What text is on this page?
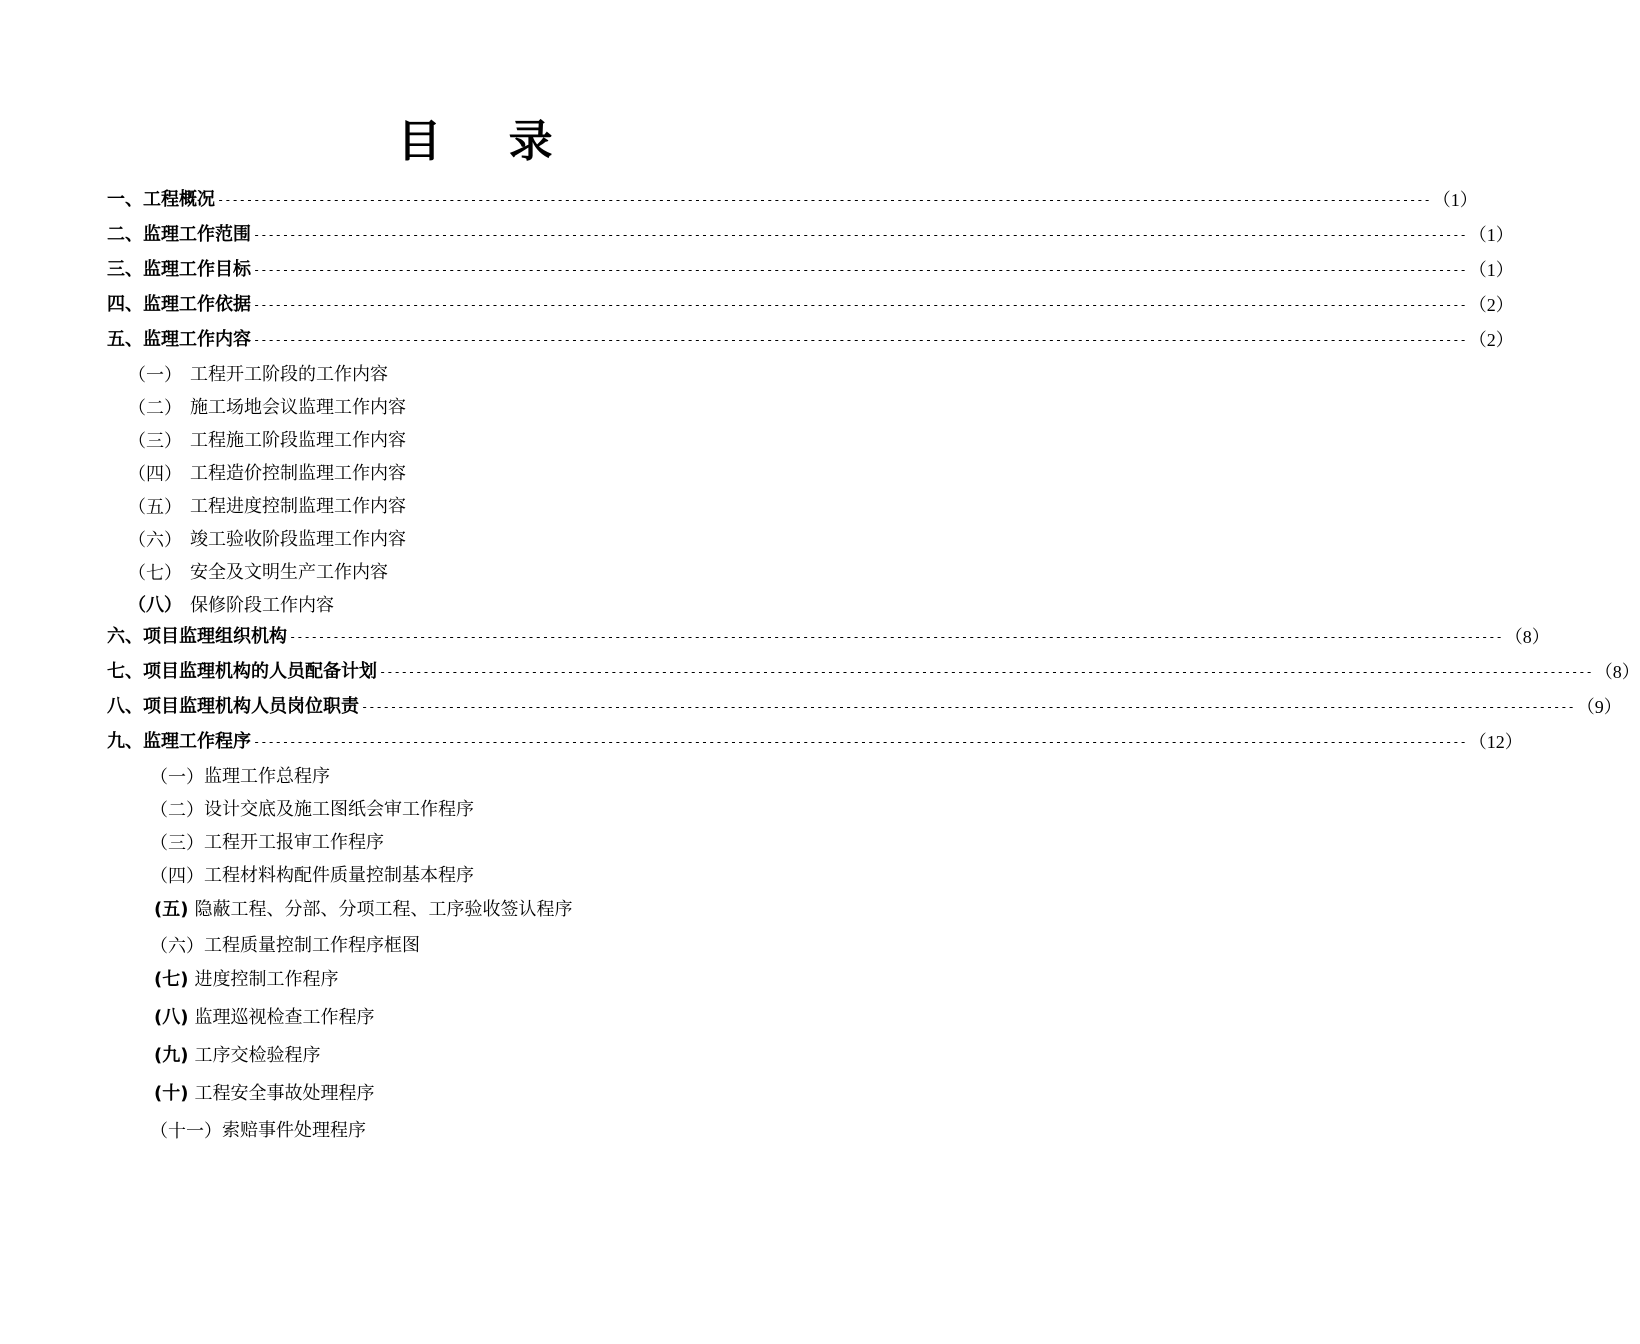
目 录
一、工程概况 ------------------------------------------------------------------------------------------------------------------------------------------------------------------------ （1）
二、监理工作范围 ------------------------------------------------------------------------------------------------------------------------------------------------------------------------ （1）
三、监理工作目标 ------------------------------------------------------------------------------------------------------------------------------------------------------------------------ （1）
四、监理工作依据 ------------------------------------------------------------------------------------------------------------------------------------------------------------------------ （2）
五、监理工作内容 ------------------------------------------------------------------------------------------------------------------------------------------------------------------------ （2）
（一） 工程开工阶段的工作内容
（二） 施工场地会议监理工作内容
（三） 工程施工阶段监理工作内容
（四） 工程造价控制监理工作内容
（五） 工程进度控制监理工作内容
（六） 竣工验收阶段监理工作内容
（七） 安全及文明生产工作内容
（八） 保修阶段工作内容
六、项目监理组织机构 ------------------------------------------------------------------------------------------------------------------------------------------------------------------------ （8）
七、项目监理机构的人员配备计划 ------------------------------------------------------------------------------------------------------------------------------------------------------------------------ （8）
八、项目监理机构人员岗位职责 ------------------------------------------------------------------------------------------------------------------------------------------------------------------------ （9）
九、监理工作程序 ------------------------------------------------------------------------------------------------------------------------------------------------------------------------ （12）
（一） 监理工作总程序
（二） 设计交底及施工图纸会审工作程序
（三） 工程开工报审工作程序
（四） 工程材料构配件质量控制基本程序
(五) 隐蔽工程、分部、分项工程、工序验收签认程序
（六） 工程质量控制工作程序框图
(七) 进度控制工作程序
(八) 监理巡视检查工作程序
(九) 工序交检验程序
(十) 工程安全事故处理程序
（十一） 索赔事件处理程序
